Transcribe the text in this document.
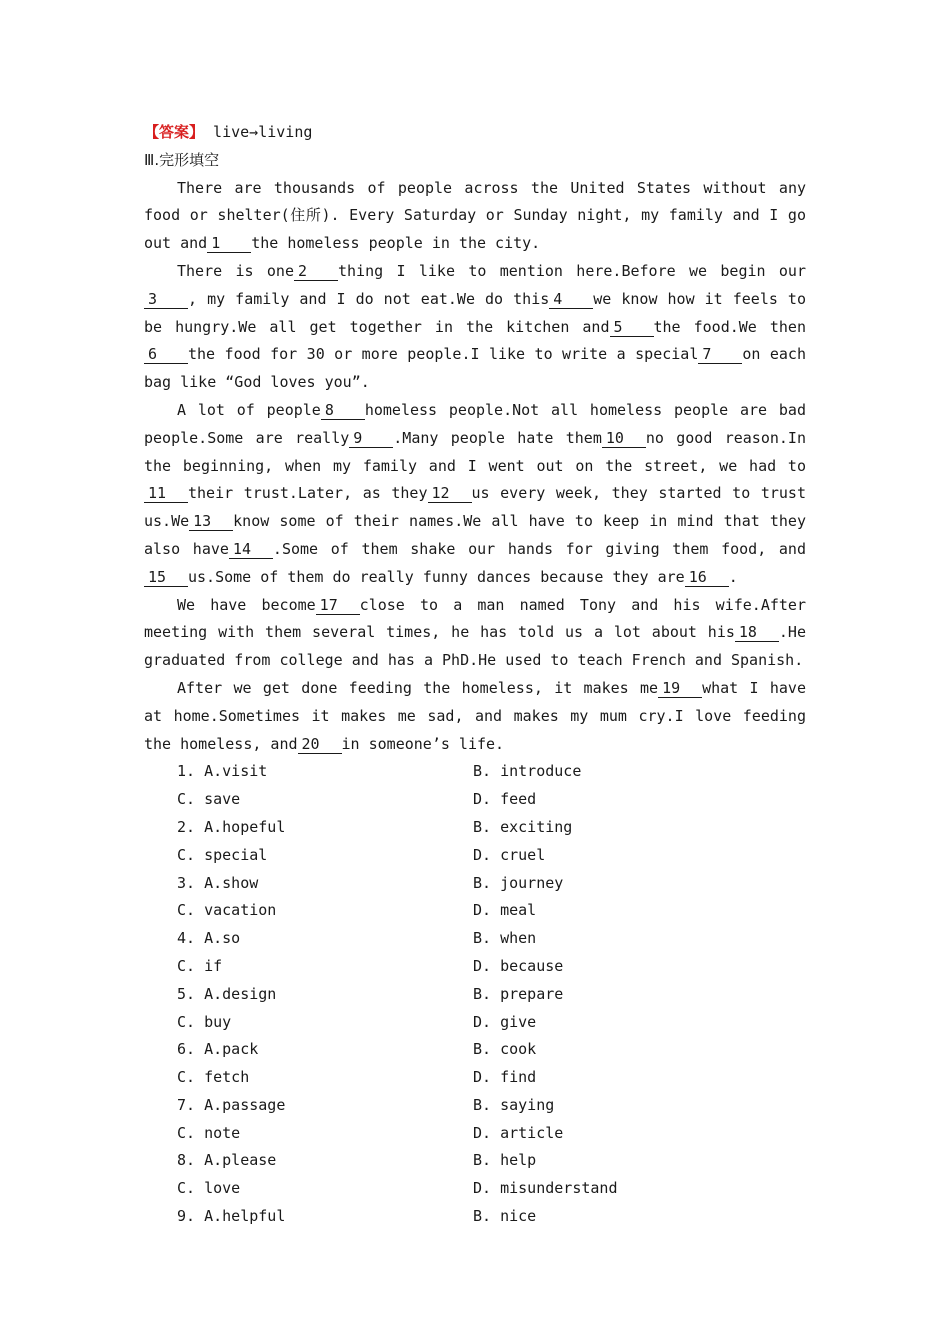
【答案】 live→living
Ⅲ.完形填空
There are thousands of people across the United States without any food or shelter(住所). Every Saturday or Sunday night, my family and I go out and 1 the homeless people in the city.
There is one 2 thing I like to mention here.Before we begin our3 , my family and I do not eat.We do this 4 we know how it feels to be hungry.We all get together in the kitchen and 5 the food.We then6 the food for 30 or more people.I like to write a special 7 on each bag like “God loves you”.
A lot of people 8 homeless people.Not all homeless people are bad people.Some are really 9 .Many people hate them 10 no good reason.In the beginning, when my family and I went out on the street, we had to11 their trust.Later, as they 12 us every week, they started to trust us.We 13 know some of their names.We all have to keep in mind that they also have 14 .Some of them shake our hands for giving them food, and15 us.Some of them do really funny dances because they are 16 .
We have become 17 close to a man named Tony and his wife.After meeting with them several times, he has told us a lot about his 18 .He graduated from college and has a PhD.He used to teach French and Spanish.
After we get done feeding the homeless, it makes me 19 what I have at home.Sometimes it makes me sad, and makes my mum cry.I love feeding the homeless, and 20 in someone’s life.
1. A.visit	B. introduce
C. save	D. feed
2. A.hopeful	B. exciting
C. special	D. cruel
3. A.show	B. journey
C. vacation	D. meal
4. A.so	B. when
C. if	D. because
5. A.design	B. prepare
C. buy	D. give
6. A.pack	B. cook
C. fetch	D. find
7. A.passage	B. saying
C. note	D. article
8. A.please	B. help
C. love	D. misunderstand
9. A.helpful	B. nice
